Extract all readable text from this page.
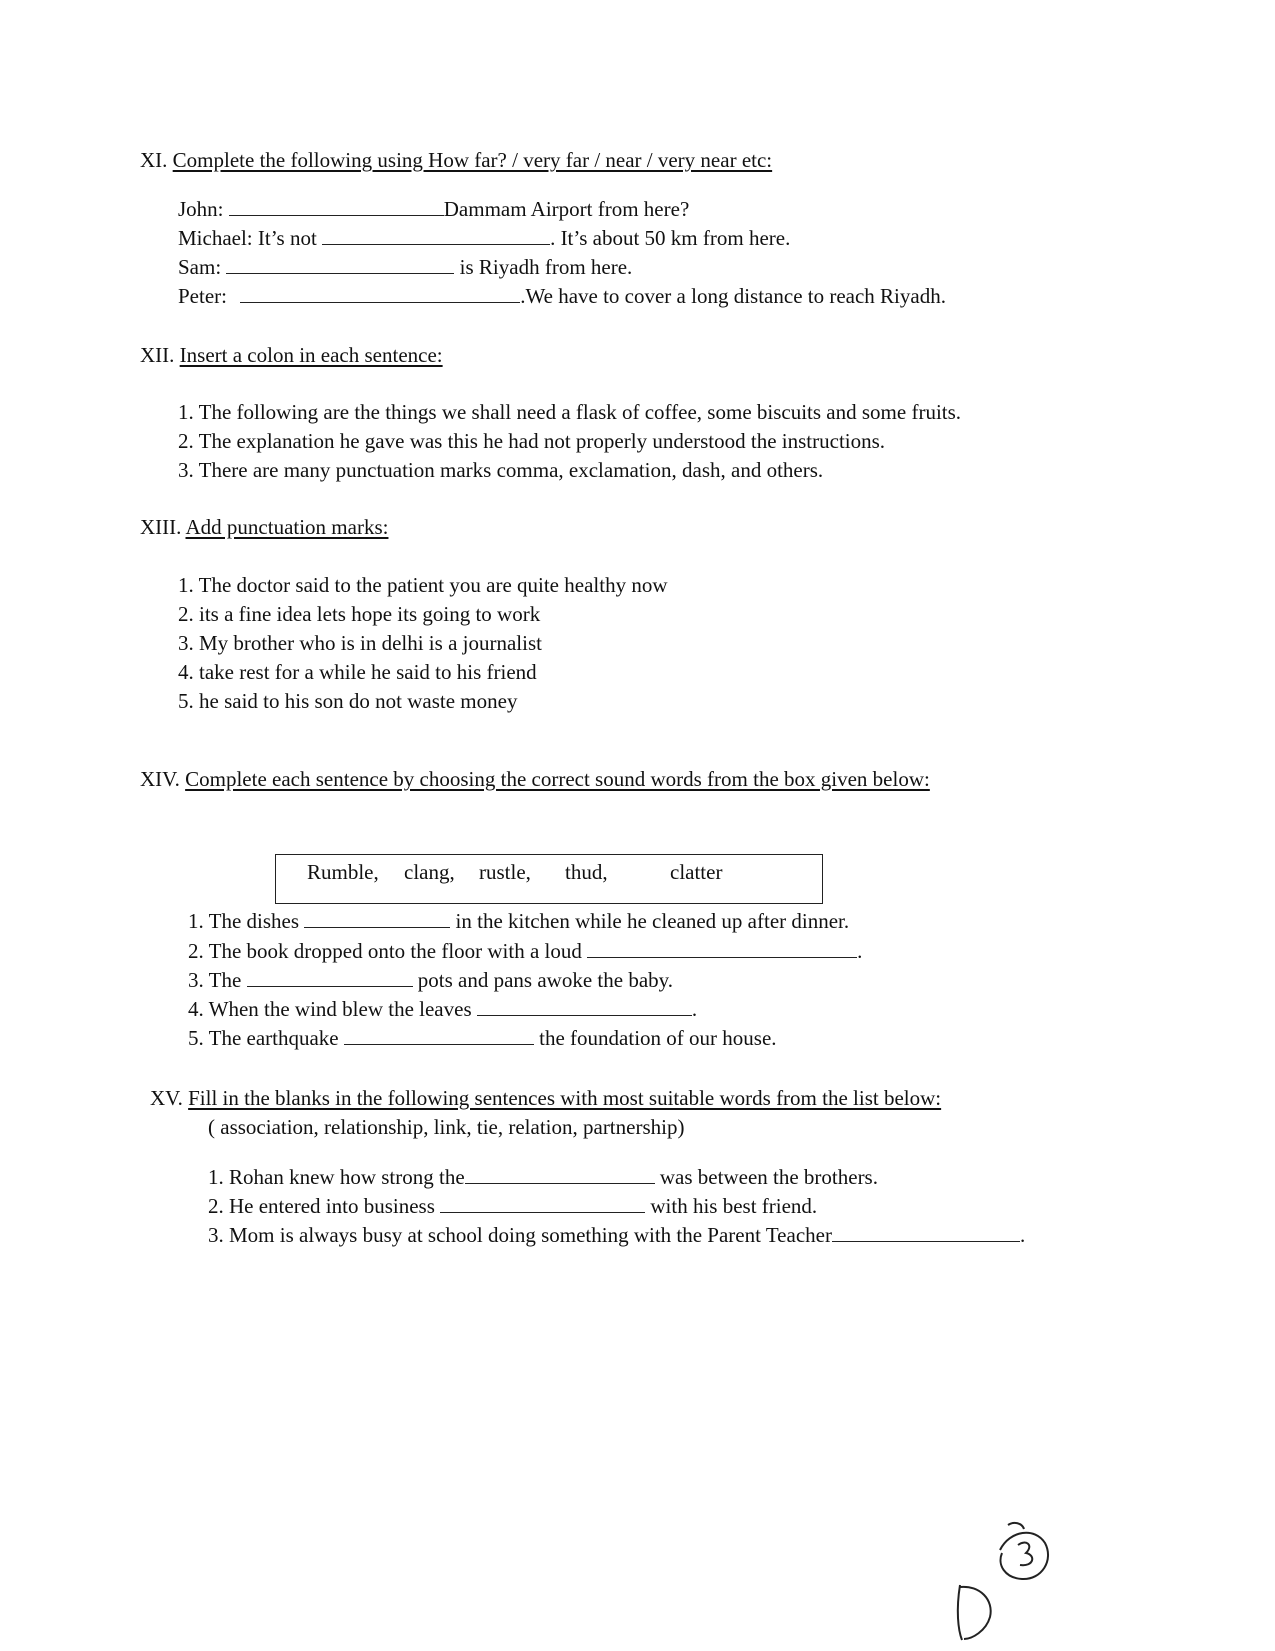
XI. Complete the following using How far? / very far / near / very near etc:
John:	Dammam Airport from here?
Michael: It’s not	. It’s about 50 km from here.
Sam:	is Riyadh from here.
Peter:	.We have to cover a long distance to reach Riyadh.
XII. Insert a colon in each sentence:
1. The following are the things we shall need a flask of coffee, some biscuits and some fruits.
2. The explanation he gave was this he had not properly understood the instructions.
3. There are many punctuation marks comma, exclamation, dash, and others.
XIII. Add punctuation marks:
1. The doctor said to the patient you are quite healthy now
2. its a fine idea lets hope its going to work
3. My brother who is in delhi is a journalist
4. take rest for a while he said to his friend
5. he said to his son do not waste money
XIV. Complete each sentence by choosing the correct sound words from the box given below:
Rumble, clang, rustle, thud,	clatter
1. The dishes	in the kitchen while he cleaned up after dinner.
2. The book dropped onto the floor with a loud	.
3. The	pots and pans awoke the baby.
4. When the wind blew the leaves	.
5. The earthquake	the foundation of our house.
XV. Fill in the blanks in the following sentences with most suitable words from the list below:
( association, relationship, link, tie, relation, partnership)
1. Rohan knew how strong the	was between the brothers.
2. He entered into business	with his best friend.
3. Mom is always busy at school doing something with the Parent Teacher	.
